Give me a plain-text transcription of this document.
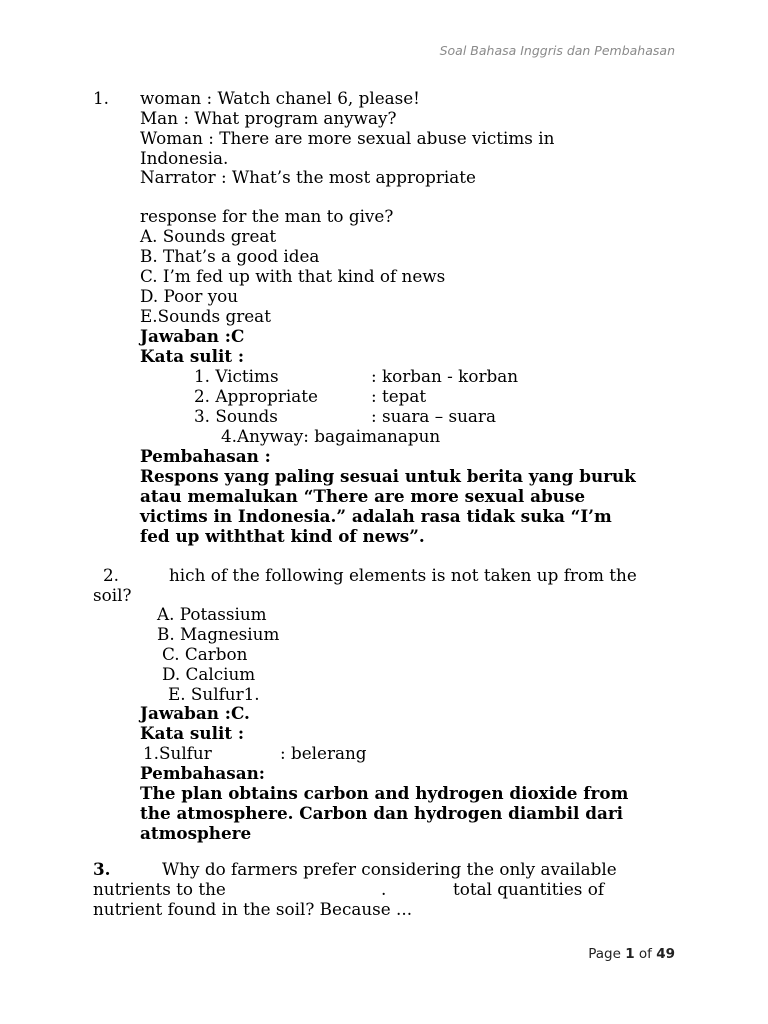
Soal Bahasa Inggris dan Pembahasan
1. woman : Watch chanel 6, please!
Man : What program anyway?
Woman : There are more sexual abuse victims in
Indonesia.
Narrator : What’s the most appropriate
response for the man to give?
A. Sounds great
B. That’s a good idea
C. I’m fed up with that kind of news
D. Poor you
E.Sounds great
Jawaban :C
Kata sulit :
1. Victims	: korban - korban
2. Appropriate	: tepat
3. Sounds	: suara – suara
4.Anyway: bagaimanapun
Pembahasan :
Respons yang paling sesuai untuk berita yang buruk
atau memalukan “There are more sexual abuse
victims in Indonesia.” adalah rasa tidak suka “I’m
fed up withthat kind of news”.
2.	hich of the following elements is not taken up from the
soil?
A. Potassium
B. Magnesium
C. Carbon
D. Calcium
E. Sulfur1.
Jawaban :C.
Kata sulit :
1.Sulfur	: belerang
Pembahasan:
The plan obtains carbon and hydrogen dioxide from
the atmosphere. Carbon dan hydrogen diambil dari
atmosphere
3.	Why do farmers prefer considering the only available
nutrients to the	.	total quantities of
nutrient found in the soil? Because ...
Page 1 of 49
